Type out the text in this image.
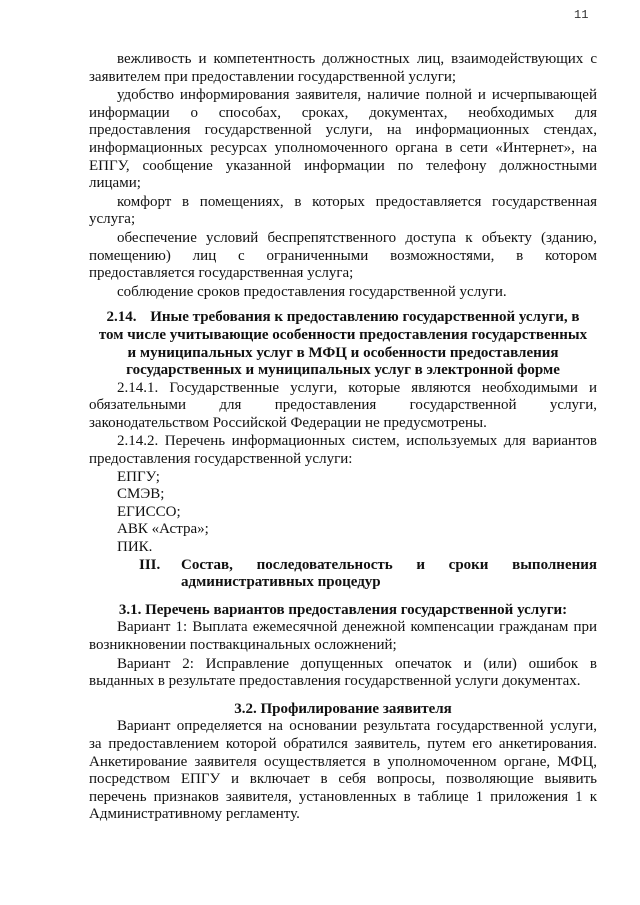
11

вежливость и компетентность должностных лиц, взаимодействующих с заявителем при предоставлении государственной услуги;

удобство информирования заявителя, наличие полной и исчерпывающей информации о способах, сроках, документах, необходимых для предоставления государственной услуги, на информационных стендах, информационных ресурсах уполномоченного органа в сети «Интернет», на ЕПГУ, сообщение указанной информации по телефону должностными лицами;

комфорт в помещениях, в которых предоставляется государственная услуга;

обеспечение условий беспрепятственного доступа к объекту (зданию, помещению) лиц с ограниченными возможностями, в котором предоставляется государственная услуга;

соблюдение сроков предоставления государственной услуги.

2.14. Иные требования к предоставлению государственной услуги, в том числе учитывающие особенности предоставления государственных и муниципальных услуг в МФЦ и особенности предоставления государственных и муниципальных услуг в электронной форме

2.14.1. Государственные услуги, которые являются необходимыми и обязательными для предоставления государственной услуги, законодательством Российской Федерации не предусмотрены.

2.14.2. Перечень информационных систем, используемых для вариантов предоставления государственной услуги:

ЕПГУ;

СМЭВ;

ЕГИССО;

АВК «Астра»;

ПИК.

III.	Состав, последовательность и сроки выполнения
административных процедур
3.1. Перечень вариантов предоставления государственной услуги:

Вариант 1: Выплата ежемесячной денежной компенсации гражданам при возникновении поствакцинальных осложнений;

Вариант 2: Исправление допущенных опечаток и (или) ошибок в выданных в результате предоставления государственной услуги документах.

3.2. Профилирование заявителя

Вариант определяется на основании результата государственной услуги, за предоставлением которой обратился заявитель, путем его анкетирования. Анкетирование заявителя осуществляется в уполномоченном органе, МФЦ, посредством ЕПГУ и включает в себя вопросы, позволяющие выявить перечень признаков заявителя, установленных в таблице 1 приложения 1 к Административному регламенту.
